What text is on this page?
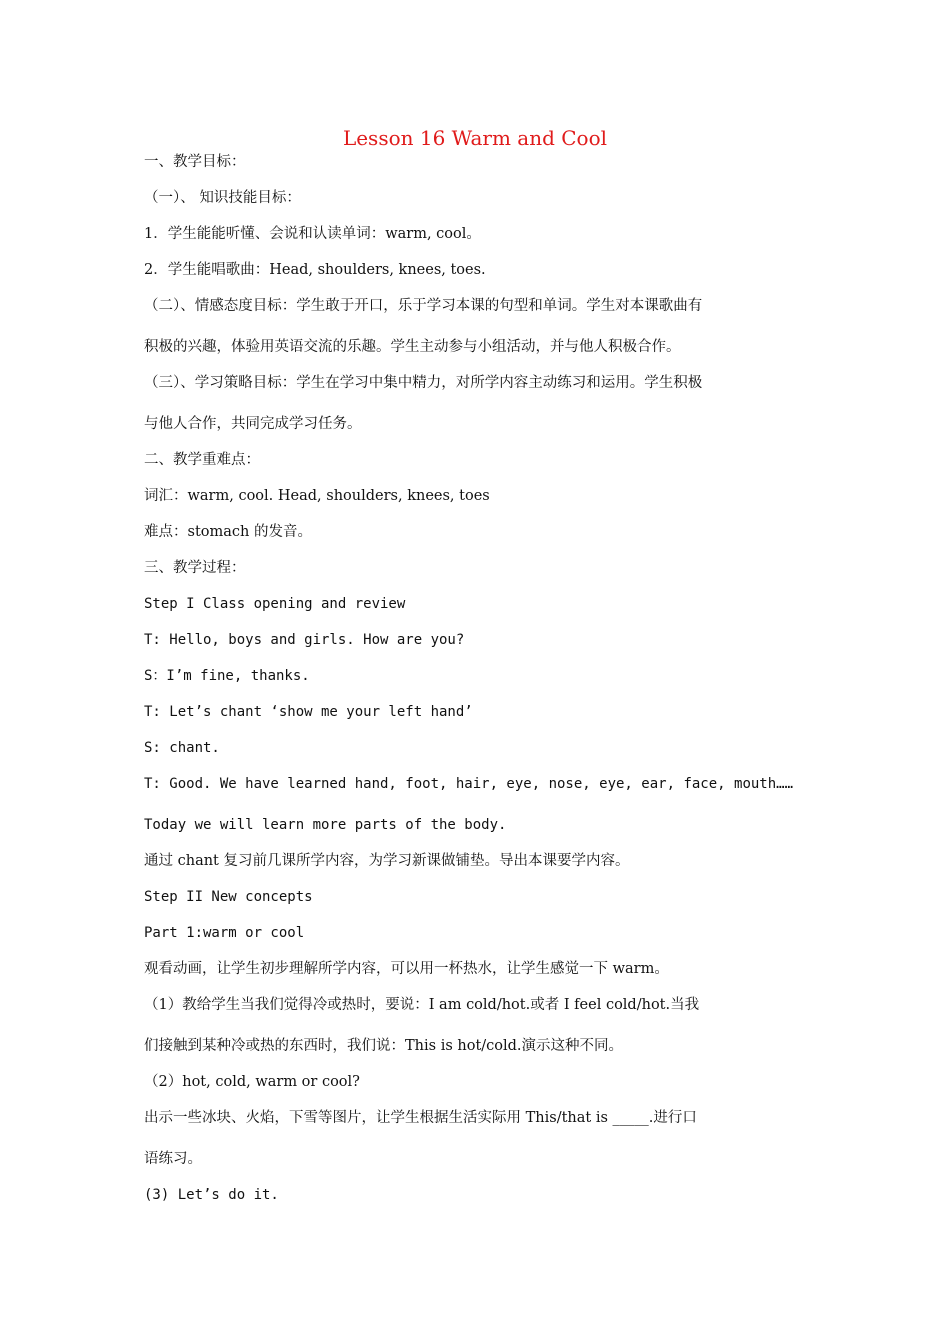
Lesson 16 Warm and Cool
一、教学目标：
（一）、 知识技能目标：
1．学生能能听懂、会说和认读单词：warm, cool。
2．学生能唱歌曲：Head, shoulders, knees, toes.
（二）、情感态度目标：学生敢于开口，乐于学习本课的句型和单词。学生对本课歌曲有
积极的兴趣，体验用英语交流的乐趣。学生主动参与小组活动，并与他人积极合作。
（三）、学习策略目标：学生在学习中集中精力，对所学内容主动练习和运用。学生积极
与他人合作，共同完成学习任务。
二、教学重难点：
词汇：warm, cool. Head, shoulders, knees, toes
难点：stomach 的发音。
三、教学过程：
Step I Class opening and review
T: Hello, boys and girls. How are you?
S：I’m fine, thanks.
T: Let’s chant ‘show me your left hand’
S: chant.
T: Good. We have learned hand, foot, hair, eye, nose, eye, ear, face, mouth……
Today we will learn more parts of the body.
通过 chant 复习前几课所学内容，为学习新课做铺垫。导出本课要学内容。
Step II New concepts
Part 1:warm or cool
观看动画，让学生初步理解所学内容，可以用一杯热水，让学生感觉一下 warm。
（1）教给学生当我们觉得冷或热时，要说：I am cold/hot.或者 I feel cold/hot.当我
们接触到某种冷或热的东西时，我们说：This is hot/cold.演示这种不同。
（2）hot, cold, warm or cool?
出示一些冰块、火焰，下雪等图片，让学生根据生活实际用 This/that is _____.进行口
语练习。
(3) Let’s do it.
